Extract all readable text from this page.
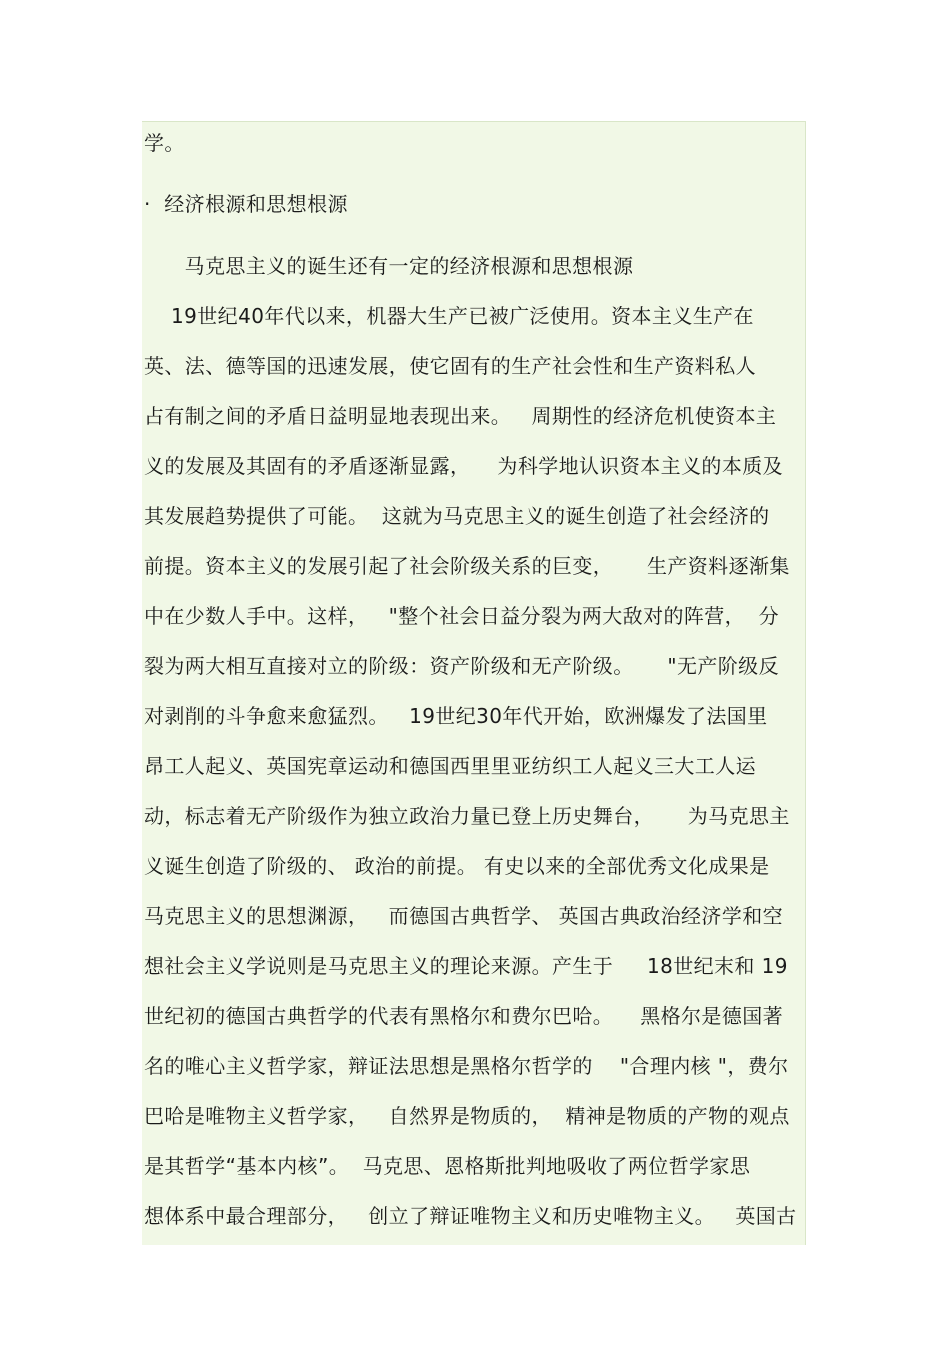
学。
·  经济根源和思想根源
马克思主义的诞生还有一定的经济根源和思想根源
19世纪40年代以来，机器大生产已被广泛使用。资本主义生产在
英、法、德等国的迅速发展，使它固有的生产社会性和生产资料私人
占有制之间的矛盾日益明显地表现出来。   周期性的经济危机使资本主
义的发展及其固有的矛盾逐渐显露，    为科学地认识资本主义的本质及
其发展趋势提供了可能。  这就为马克思主义的诞生创造了社会经济的
前提。资本主义的发展引起了社会阶级关系的巨变，     生产资料逐渐集
中在少数人手中。这样，   "整个社会日益分裂为两大敌对的阵营，  分
裂为两大相互直接对立的阶级：资产阶级和无产阶级。     "无产阶级反
对剥削的斗争愈来愈猛烈。   19世纪30年代开始，欧洲爆发了法国里
昂工人起义、英国宪章运动和德国西里里亚纺织工人起义三大工人运
动，标志着无产阶级作为独立政治力量已登上历史舞台，     为马克思主
义诞生创造了阶级的、 政治的前提。 有史以来的全部优秀文化成果是
马克思主义的思想渊源，   而德国古典哲学、 英国古典政治经济学和空
想社会主义学说则是马克思主义的理论来源。产生于     18世纪末和 19
世纪初的德国古典哲学的代表有黑格尔和费尔巴哈。    黑格尔是德国著
名的唯心主义哲学家，辩证法思想是黑格尔哲学的    "合理内核 "，费尔
巴哈是唯物主义哲学家，   自然界是物质的，  精神是物质的产物的观点
是其哲学“基本内核”。  马克思、恩格斯批判地吸收了两位哲学家思
想体系中最合理部分，   创立了辩证唯物主义和历史唯物主义。   英国古
